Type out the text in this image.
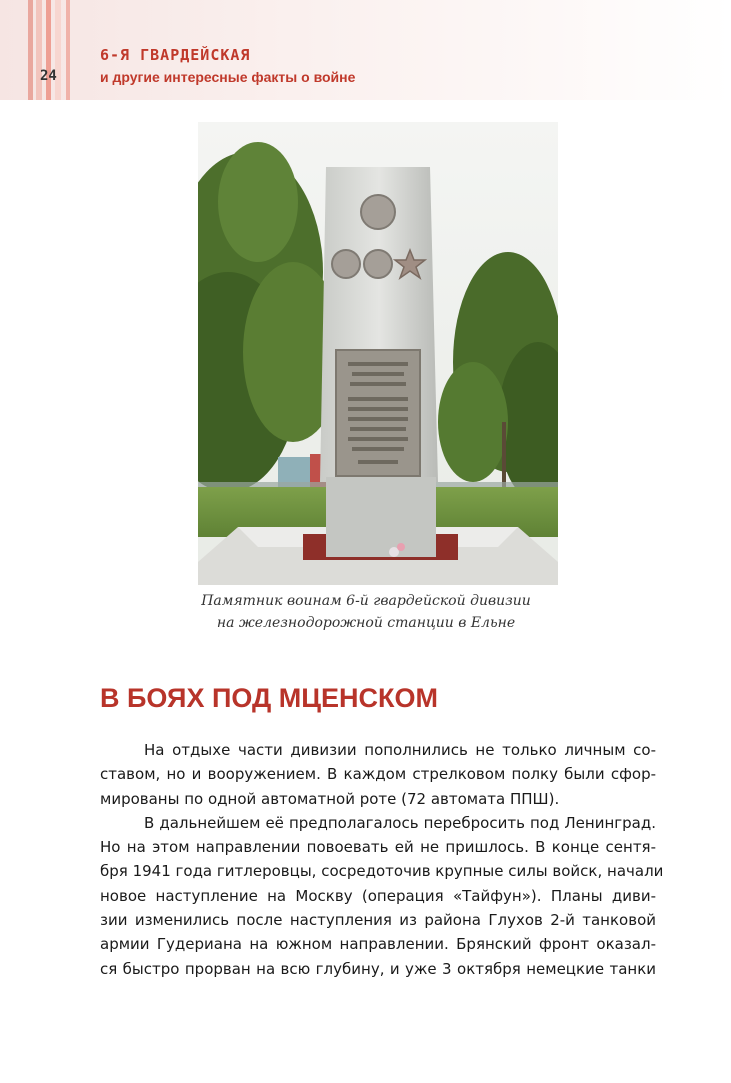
24
6-Я ГВАРДЕЙСКАЯ
и другие интересные факты о войне
Памятник воинам 6-й гвардейской дивизии
на железнодорожной станции в Ельне
В БОЯХ ПОД МЦЕНСКОМ
На отдыхе части дивизии пополнились не только личным со-
ставом, но и вооружением. В каждом стрелковом полку были сфор-
мированы по одной автоматной роте (72 автомата ППШ).
В дальнейшем её предполагалось перебросить под Ленинград.
Но на этом направлении повоевать ей не пришлось. В конце сентя-
бря 1941 года гитлеровцы, сосредоточив крупные силы войск, начали
новое наступление на Москву (операция «Тайфун»). Планы диви-
зии изменились после наступления из района Глухов 2-й танковой
армии Гудериана на южном направлении. Брянский фронт оказал-
ся быстро прорван на всю глубину, и уже 3 октября немецкие танки
